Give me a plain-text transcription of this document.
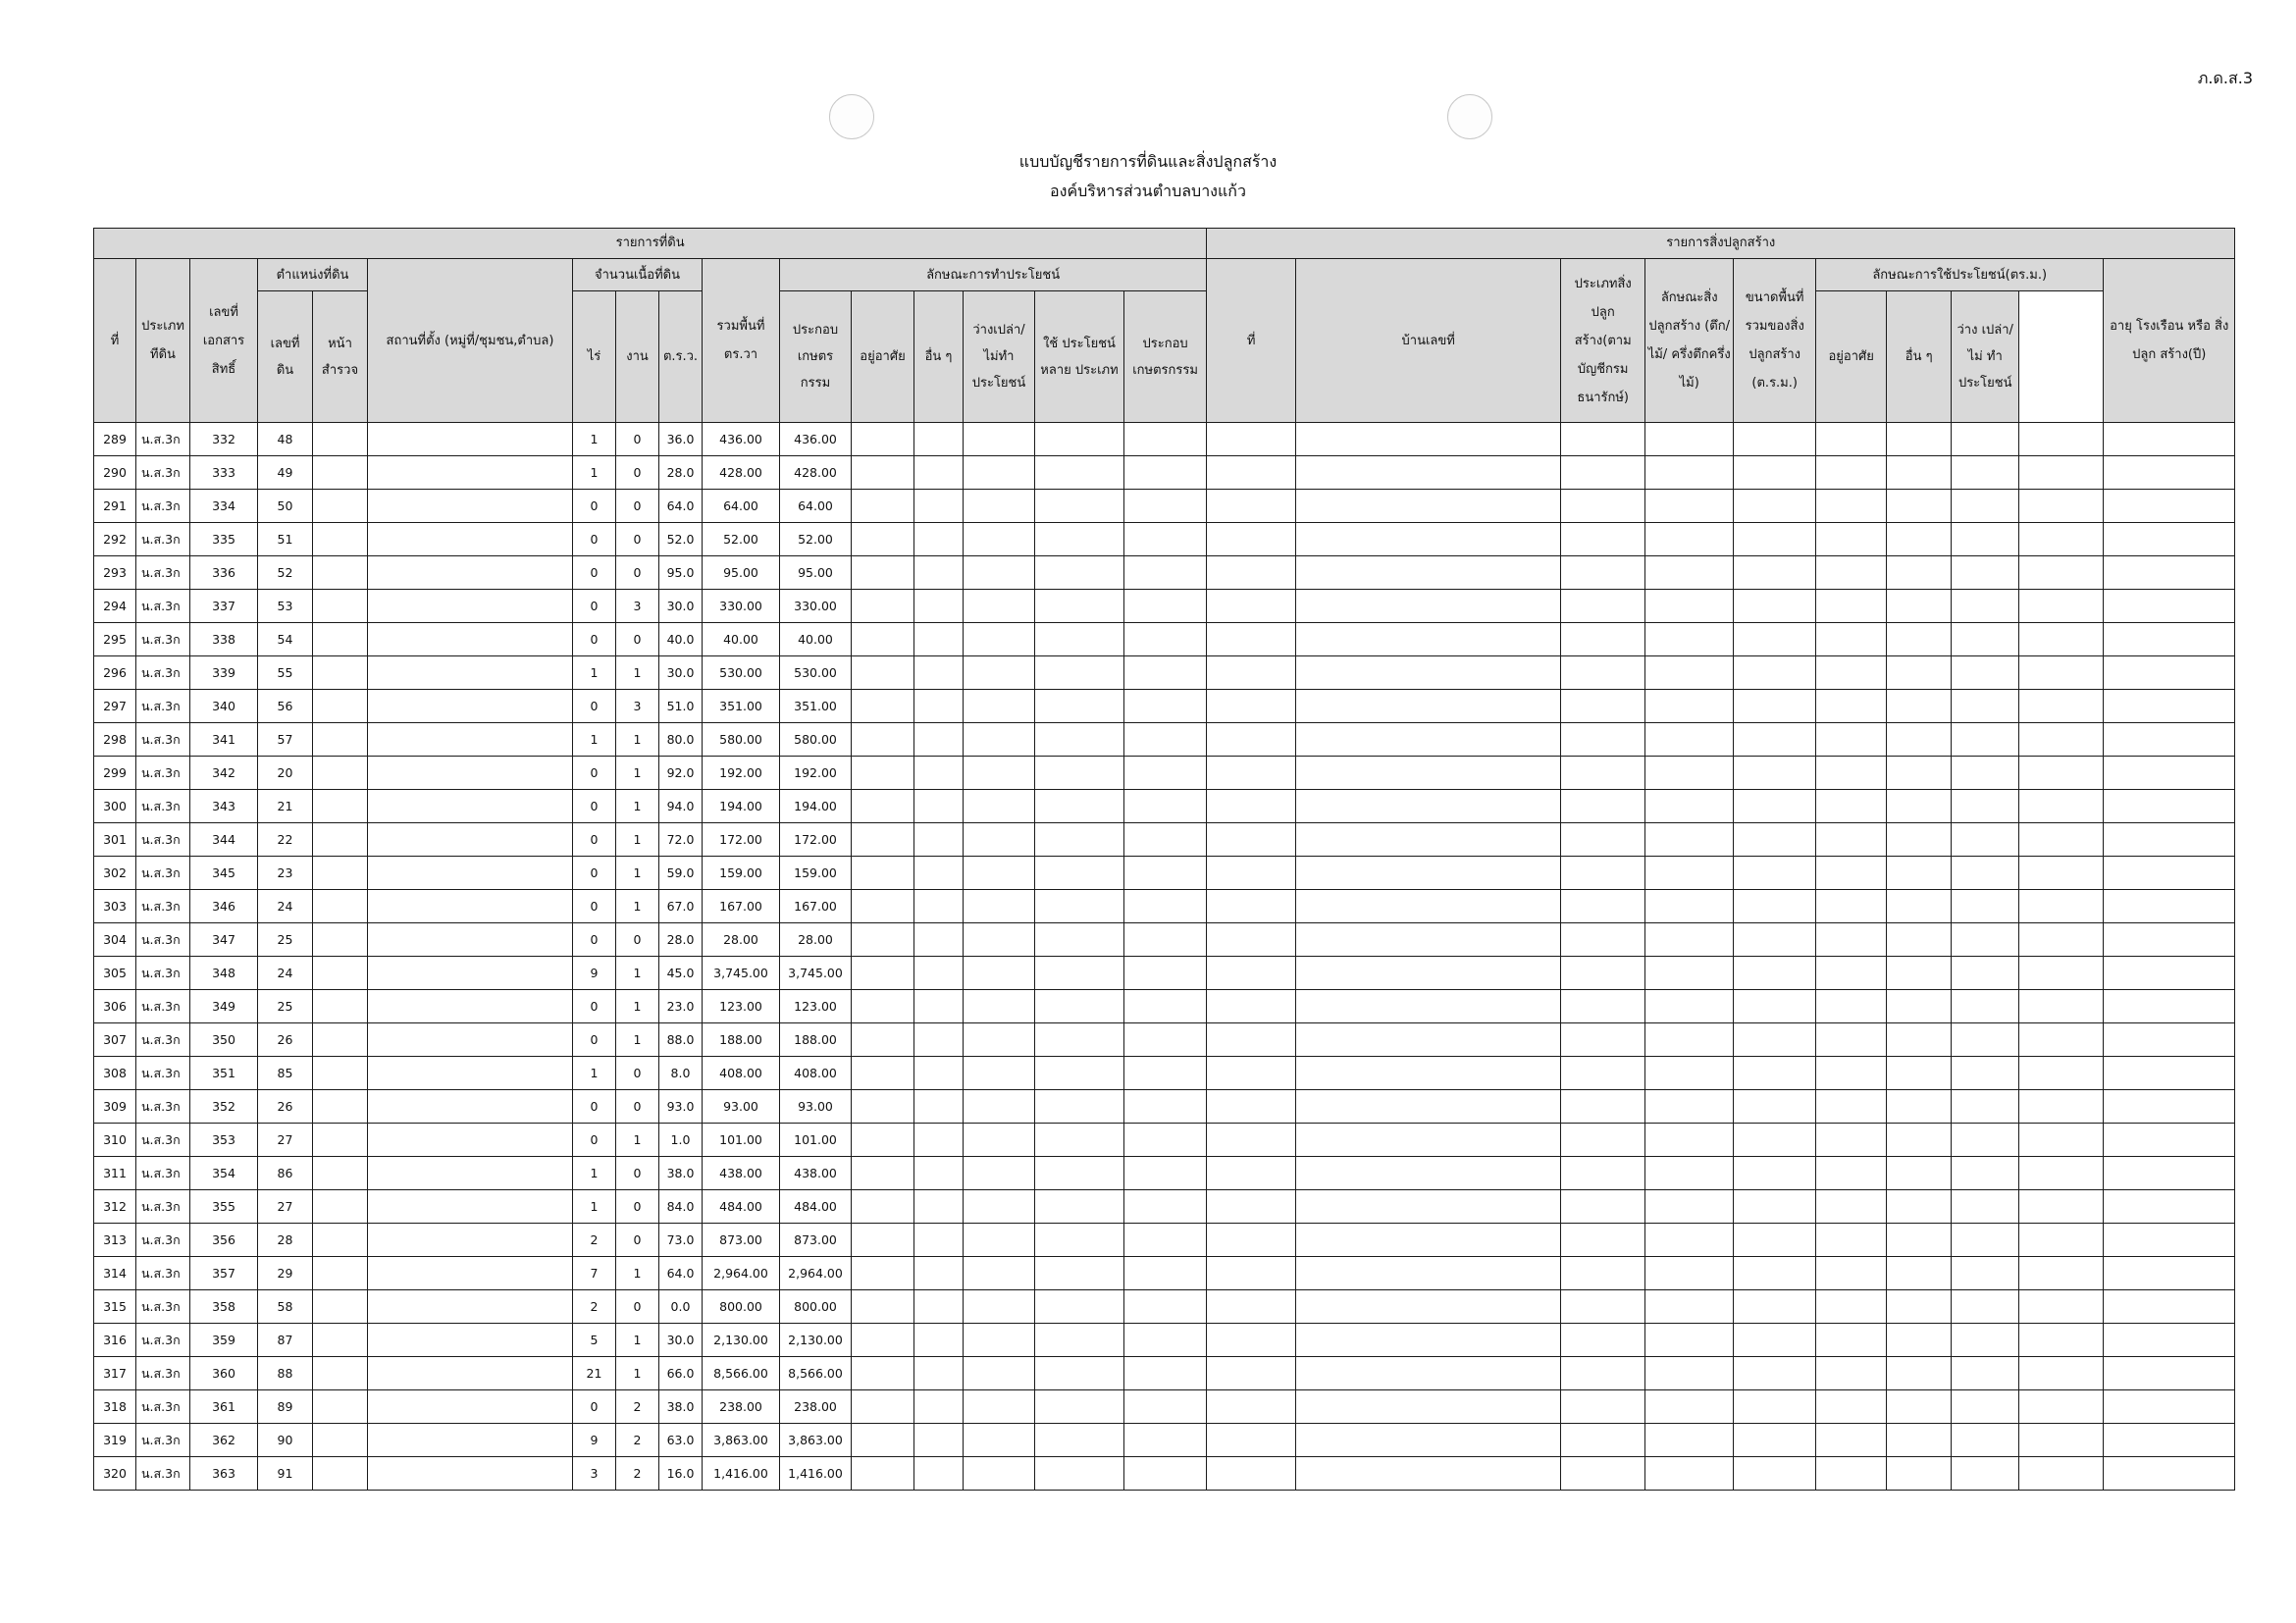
ภ.ด.ส.3
แบบบัญชีรายการที่ดินและสิ่งปลูกสร้าง
องค์บริหารส่วนตำบลบางแก้ว
รายการที่ดิน																รายการสิ่งปลูกสร้าง										
ที่	ประเภททีดิน	เลขที่ เอกสาร สิทธิ์	ตำแหน่งที่ดิน		สถานที่ตั้ง (หมู่ที่/ชุมชน,ตำบล)	จำนวนเนื้อที่ดิน			รวมพื้นที่ ตร.วา	ลักษณะการทำประโยชน์						ที่	บ้านเลขที่	ประเภทสิ่งปลูกสร้าง(ตามบัญชีกรมธนารักษ์)	ลักษณะสิ่ง ปลูกสร้าง (ตึก/ไม้/ ครึ่งตึกครึ่ง ไม้)	ขนาดพื้นที่ รวมของสิ่ง ปลูกสร้าง (ต.ร.ม.)	ลักษณะการใช้ประโยชน์(ตร.ม.)				อายุ โรงเรือน หรือ สิ่งปลูก สร้าง(ปี)	
			เลขที่ ดิน	หน้า สำรวจ		ไร่	งาน	ต.ร.ว.		ประกอบ เกษตร กรรม	อยู่อาศัย	อื่น ๆ	ว่างเปล่า/ ไม่ทำ ประโยชน์	ใช้ ประโยชน์ หลาย ประเภท	ประกอบ เกษตรกรรม						อยู่อาศัย	อื่น ๆ	ว่าง เปล่า/ไม่ ทำ ประโยชน์			
289	น.ส.3ก	332	48			1	0	36.0	436.00	436.00																
290	น.ส.3ก	333	49			1	0	28.0	428.00	428.00																
291	น.ส.3ก	334	50			0	0	64.0	64.00	64.00																
292	น.ส.3ก	335	51			0	0	52.0	52.00	52.00																
293	น.ส.3ก	336	52			0	0	95.0	95.00	95.00																
294	น.ส.3ก	337	53			0	3	30.0	330.00	330.00																
295	น.ส.3ก	338	54			0	0	40.0	40.00	40.00																
296	น.ส.3ก	339	55			1	1	30.0	530.00	530.00																
297	น.ส.3ก	340	56			0	3	51.0	351.00	351.00																
298	น.ส.3ก	341	57			1	1	80.0	580.00	580.00																
299	น.ส.3ก	342	20			0	1	92.0	192.00	192.00																
300	น.ส.3ก	343	21			0	1	94.0	194.00	194.00																
301	น.ส.3ก	344	22			0	1	72.0	172.00	172.00																
302	น.ส.3ก	345	23			0	1	59.0	159.00	159.00																
303	น.ส.3ก	346	24			0	1	67.0	167.00	167.00																
304	น.ส.3ก	347	25			0	0	28.0	28.00	28.00																
305	น.ส.3ก	348	24			9	1	45.0	3,745.00	3,745.00																
306	น.ส.3ก	349	25			0	1	23.0	123.00	123.00																
307	น.ส.3ก	350	26			0	1	88.0	188.00	188.00																
308	น.ส.3ก	351	85			1	0	8.0	408.00	408.00																
309	น.ส.3ก	352	26			0	0	93.0	93.00	93.00																
310	น.ส.3ก	353	27			0	1	1.0	101.00	101.00																
311	น.ส.3ก	354	86			1	0	38.0	438.00	438.00																
312	น.ส.3ก	355	27			1	0	84.0	484.00	484.00																
313	น.ส.3ก	356	28			2	0	73.0	873.00	873.00																
314	น.ส.3ก	357	29			7	1	64.0	2,964.00	2,964.00																
315	น.ส.3ก	358	58			2	0	0.0	800.00	800.00																
316	น.ส.3ก	359	87			5	1	30.0	2,130.00	2,130.00																
317	น.ส.3ก	360	88			21	1	66.0	8,566.00	8,566.00																
318	น.ส.3ก	361	89			0	2	38.0	238.00	238.00																
319	น.ส.3ก	362	90			9	2	63.0	3,863.00	3,863.00																
320	น.ส.3ก	363	91			3	2	16.0	1,416.00	1,416.00																
